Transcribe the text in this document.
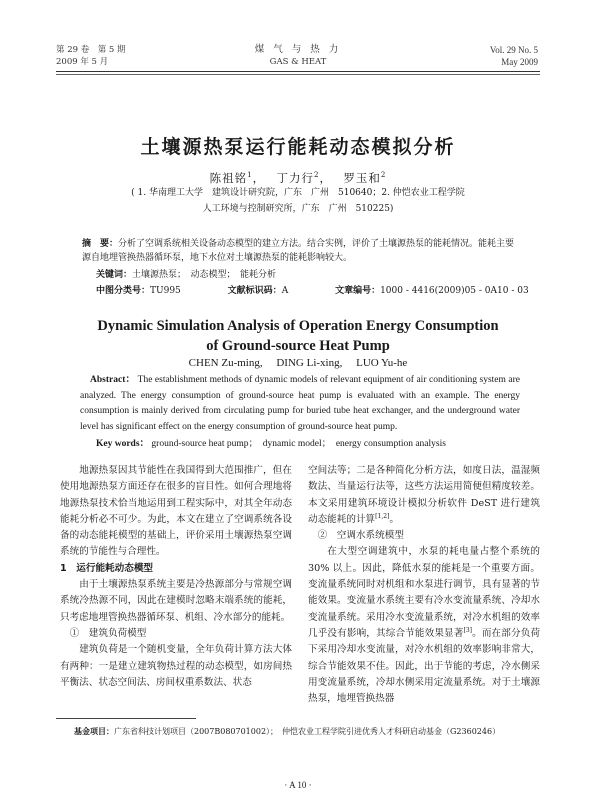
第 29 卷　第 5 期
2009 年 5 月
煤 气 与 热 力
GAS & HEAT
Vol. 29 No. 5
May 2009
土壤源热泵运行能耗动态模拟分析
陈祖铭$^1$，　 丁力行$^2$，　 罗玉和$^2$
( 1. 华南理工大学　建筑设计研究院，广东　广州　510640；2. 仲恺农业工程学院
人工环境与控制研究所，广东　广州　510225)
摘　要：分析了空调系统相关设备动态模型的建立方法。结合实例，评价了土壤源热泵的能耗情况。能耗主要源自地埋管换热器循环泵，地下水位对土壤源热泵的能耗影响较大。
关键词：土壤源热泵；　动态模型；　能耗分析
中图分类号：TU995	文献标识码：A	文章编号：1000 - 4416(2009)05 - 0A10 - 03
Dynamic Simulation Analysis of Operation Energy Consumption
of Ground-source Heat Pump
CHEN Zu-ming,　 DING Li-xing,　 LUO Yu-he
Abstract： The establishment methods of dynamic models of relevant equipment of air conditioning system are analyzed. The energy consumption of ground-source heat pump is evaluated with an example. The energy consumption is mainly derived from circulating pump for buried tube heat exchanger, and the underground water level has significant effect on the energy consumption of ground-source heat pump.
Key words： ground-source heat pump；　dynamic model；　energy consumption analysis

地源热泵因其节能性在我国得到大范围推广，但在使用地源热泵方面还存在很多的盲目性。如何合理地将地源热泵技术恰当地运用到工程实际中，对其全年动态能耗分析必不可少。为此，本文在建立了空调系统各设备的动态能耗模型的基础上，评价采用土壤源热泵空调系统的节能性与合理性。

1　运行能耗动态模型

由于土壤源热泵系统主要是冷热源部分与常规空调系统冷热源不同，因此在建模时忽略末端系统的能耗，只考虑地埋管换热器循环泵、机组、冷水部分的能耗。

①　建筑负荷模型

建筑负荷是一个随机变量，全年负荷计算方法大体有两种：一是建立建筑物热过程的动态模型，如房间热平衡法、状态空间法、房间权重系数法、状态

空间法等；二是各种简化分析方法，如度日法，温湿频数法、当量运行法等，这些方法运用简便但精度较差。本文采用建筑环境设计模拟分析软件 DeST 进行建筑动态能耗的计算[1,2]。

②　空调水系统模型

在大型空调建筑中，水泵的耗电量占整个系统的 30% 以上。因此，降低水泵的能耗是一个重要方面。变流量系统同时对机组和水泵进行调节，具有显著的节能效果。变流量水系统主要有冷水变流量系统、冷却水变流量系统。采用冷水变流量系统，对冷水机组的效率几乎没有影响，其综合节能效果显著[3]。而在部分负荷下采用冷却水变流量，对冷水机组的效率影响非常大，综合节能效果不佳。因此，出于节能的考虑，冷水侧采用变流量系统，冷却水侧采用定流量系统。对于土壤源热泵，地埋管换热器

基金项目：广东省科技计划项目（2007B080701002）；　仲恺农业工程学院引进优秀人才科研启动基金（G2360246）
· A 10 ·
